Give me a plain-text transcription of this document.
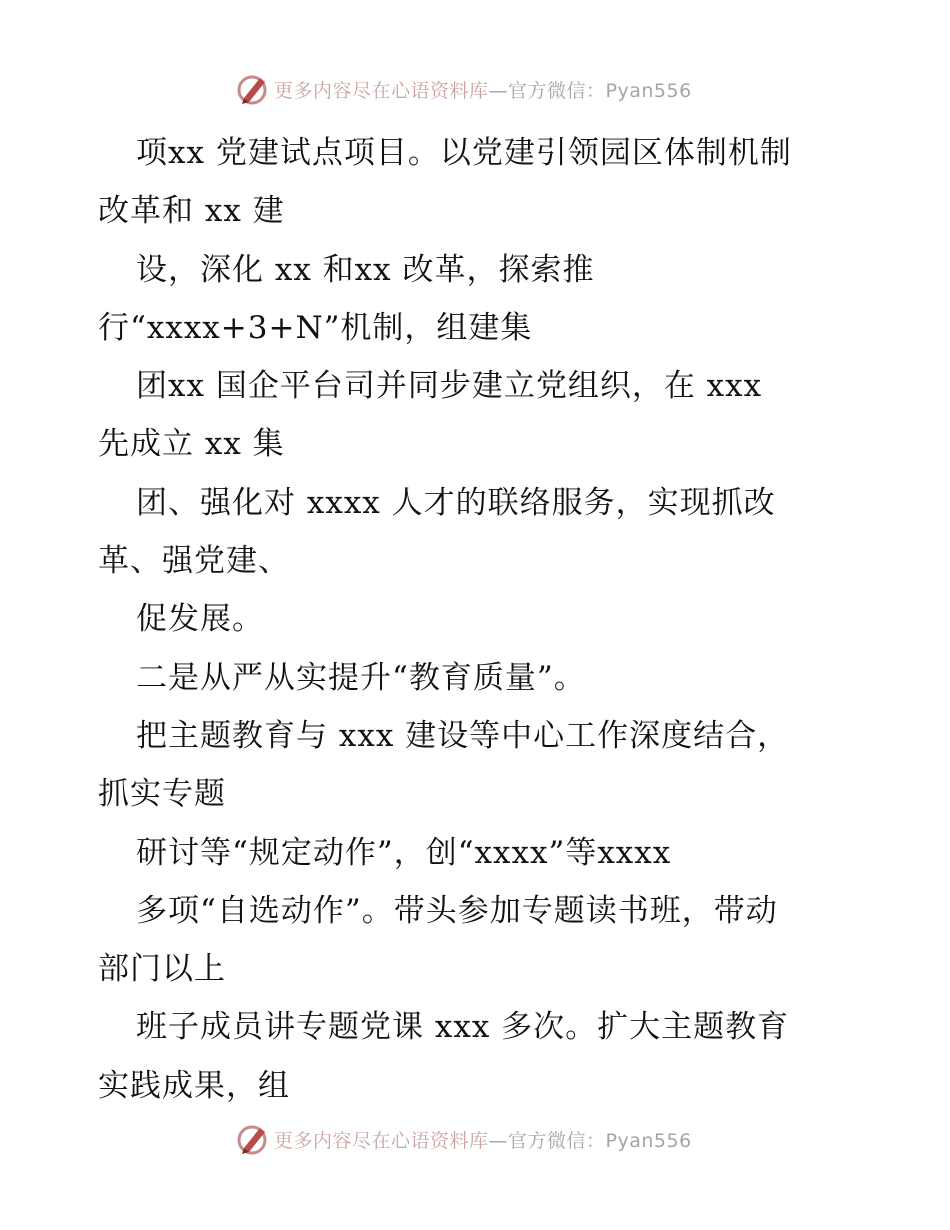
更多内容尽在心语资料库—官方微信：Pyan556
项xx 党建试点项目。以党建引领园区体制机制
改革和 xx 建
设，深化 xx 和xx 改革，探索推
行“xxxx+3+N”机制，组建集
团xx 国企平台司并同步建立党组织，在 xxx
先成立 xx 集
团、强化对 xxxx 人才的联络服务，实现抓改
革、强党建、
促发展。
二是从严从实提升“教育质量”。
把主题教育与 xxx 建设等中心工作深度结合，
抓实专题
研讨等“规定动作”，创“xxxx”等xxxx
多项“自选动作”。带头参加专题读书班，带动
部门以上
班子成员讲专题党课 xxx 多次。扩大主题教育
实践成果，组
更多内容尽在心语资料库—官方微信：Pyan556
